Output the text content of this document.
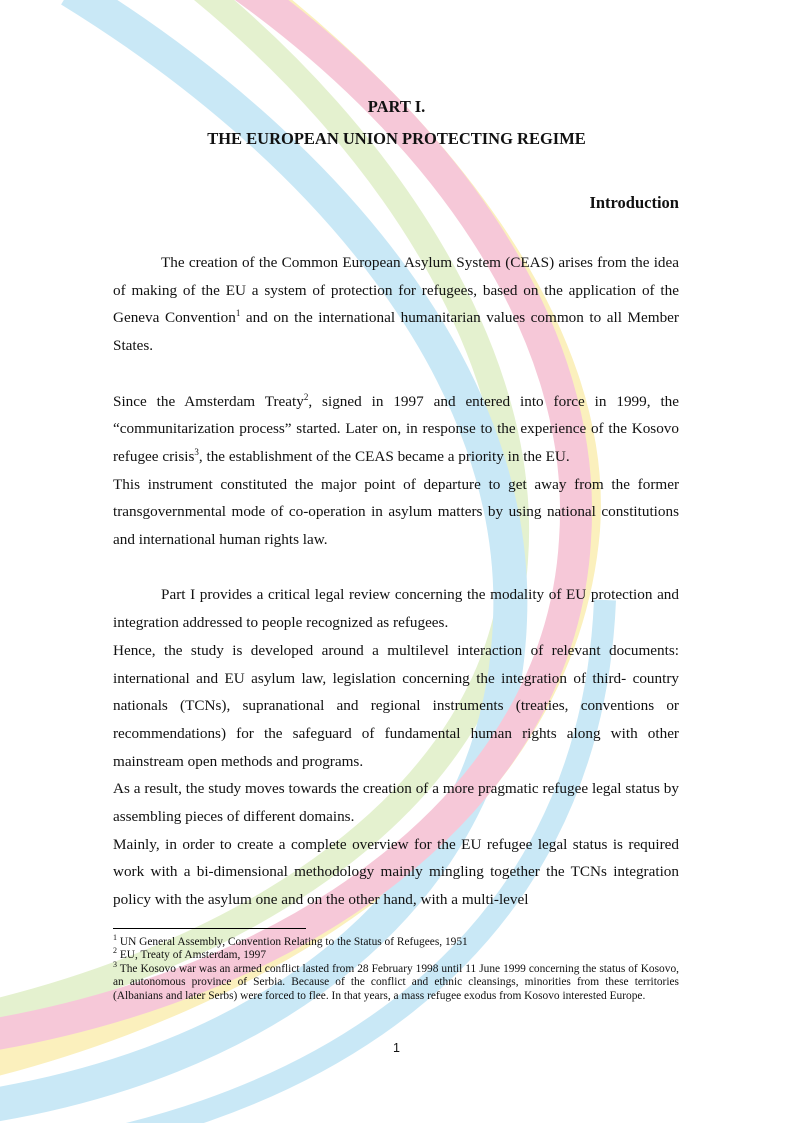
PART I.
THE EUROPEAN UNION PROTECTING REGIME
Introduction

The creation of the Common European Asylum System (CEAS) arises from the idea of making of the EU a system of protection for refugees, based on the application of the Geneva Convention$^1$ and on the international humanitarian values common to all Member States.

Since the Amsterdam Treaty$^2$, signed in 1997 and entered into force in 1999, the “communitarization process” started. Later on, in response to the experience of the Kosovo refugee crisis$^3$, the establishment of the CEAS became a priority in the EU.

This instrument constituted the major point of departure to get away from the former transgovernmental mode of co-operation in asylum matters by using national constitutions and international human rights law.

Part I provides a critical legal review concerning the modality of EU protection and integration addressed to people recognized as refugees.

Hence, the study is developed around a multilevel interaction of relevant documents: international and EU asylum law, legislation concerning the integration of third- country nationals (TCNs), supranational and regional instruments (treaties, conventions or recommendations) for the safeguard of fundamental human rights along with other mainstream open methods and programs.

As a result, the study moves towards the creation of a more pragmatic refugee legal status by assembling pieces of different domains.

Mainly, in order to create a complete overview for the EU refugee legal status is required work with a bi-dimensional methodology mainly mingling together the TCNs integration policy with the asylum one and on the other hand, with a multi-level

$^1$ UN General Assembly, Convention Relating to the Status of Refugees, 1951

$^2$ EU, Treaty of Amsterdam, 1997

$^3$ The Kosovo war was an armed conflict lasted from 28 February 1998 until 11 June 1999 concerning the status of Kosovo, an autonomous province of Serbia. Because of the conflict and ethnic cleansings, minorities from these territories (Albanians and later Serbs) were forced to flee. In that years, a mass refugee exodus from Kosovo interested Europe.

1
